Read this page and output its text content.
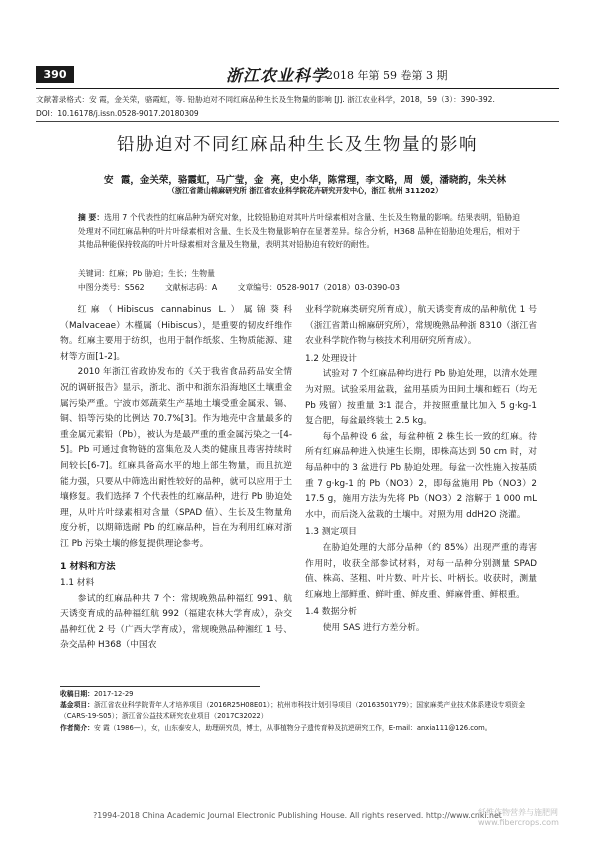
390	浙江农业科学
2018 年第 59 卷第 3 期
文献著录格式：安 霞，金关荣，骆霞虹，等. 铅胁迫对不同红麻品种生长及生物量的影响 [J]. 浙江农业科学，2018，59（3）：390-392.
DOI：10.16178/j.issn.0528-9017.20180309
铅胁迫对不同红麻品种生长及生物量的影响
安 霞，金关荣，骆霞虹，马广莹，金 亮，史小华，陈常理，李文略，周 媛，潘晓韵，朱关林
（浙江省萧山棉麻研究所 浙江省农业科学院花卉研究开发中心，浙江 杭州 311202）
摘 要：选用 7 个代表性的红麻品种为研究对象，比较铅胁迫对其叶片叶绿素相对含量、生长及生物量的影响。结果表明，铅胁迫处理对不同红麻品种的叶片叶绿素相对含量、生长及生物量影响存在显著差异。综合分析，H368 品种在铅胁迫处理后，相对于其他品种能保持较高的叶片叶绿素相对含量及生物量，表明其对铅胁迫有较好的耐性。
关键词：红麻；Pb 胁迫；生长；生物量
中图分类号：S562	文献标志码：A	文章编号：0528-9017（2018）03-0390-03

红麻（Hibiscus cannabinus L.）属锦葵科（Malvaceae）木槿属（Hibiscus），是重要的韧皮纤维作物。红麻主要用于纺织，也用于制作纸浆、生物质能源、建材等方面[1-2]。

2010 年浙江省政协发布的《关于我省食品药品安全情况的调研报告》显示，浙北、浙中和浙东沿海地区土壤重金属污染严重。宁波市郊蔬菜生产基地土壤受重金属汞、镉、铜、铅等污染的比例达 70.7%[3]。作为地壳中含量最多的重金属元素铅（Pb），被认为是最严重的重金属污染之一[4-5]。Pb 可通过食物链的富集危及人类的健康且毒害持续时间较长[6-7]。红麻具备高水平的地上部生物量，而且抗逆能力强，只要从中筛选出耐性较好的品种，就可以应用于土壤修复。我们选择 7 个代表性的红麻品种，进行 Pb 胁迫处理，从叶片叶绿素相对含量（SPAD 值）、生长及生物量角度分析，以期筛选耐 Pb 的红麻品种，旨在为利用红麻对浙江 Pb 污染土壤的修复提供理论参考。

1 材料和方法

1.1 材料

参试的红麻品种共 7 个：常规晚熟品种福红 991、航天诱变育成的品种福红航 992（福建农林大学育成），杂交晶种红优 2 号（广西大学育成），常规晚熟品种湘红 1 号、杂交品种 H368（中国农

业科学院麻类研究所育成），航天诱变育成的品种航优 1 号（浙江省萧山棉麻研究所），常规晚熟品种浙 8310（浙江省农业科学院作物与核技术利用研究所育成）。

1.2 处理设计

试验对 7 个红麻品种均进行 Pb 胁迫处理，以清水处理为对照。试验采用盆栽，盆用基质为田间土壤和蛭石（均无 Pb 残留）按重量 3∶1 混合，并按照重量比加入 5 g·kg-1 复合肥，每盆最终装土 2.5 kg。

每个品种设 6 盆，每盆种植 2 株生长一致的红麻。待所有红麻品种进入快速生长期，即株高达到 50 cm 时，对每品种中的 3 盆进行 Pb 胁迫处理。每盆一次性施入按基质重 7 g·kg-1 的 Pb（NO3）2，即每盆施用 Pb（NO3）2 17.5 g，施用方法为先将 Pb（NO3）2 溶解于 1 000 mL 水中，而后浇入盆栽的土壤中。对照为用 ddH2O 浇灌。

1.3 测定项目

在胁迫处理的大部分品种（约 85%）出现严重的毒害作用时，收获全部参试材料，对每一品种分别测量 SPAD 值、株高、茎粗、叶片数、叶片长、叶柄长。收获时，测量红麻地上部鲜重、鲜叶重、鲜皮重、鲜麻骨重、鲜根重。

1.4 数据分析

使用 SAS 进行方差分析。

收稿日期：2017-12-29
基金项目：浙江省农业科学院青年人才培养项目（2016R25H08E01）；杭州市科技计划引导项目（20163501Y79）；国家麻类产业技术体系建设专项资金（CARS-19-S05）；浙江省公益技术研究农业项目（2017C32022）
作者简介：安 霞（1986—），女，山东泰安人，助理研究员，博士，从事植物分子遗传育种及抗逆研究工作，E-mail：anxia111@126.com。
?1994-2018 China Academic Journal Electronic Publishing House. All rights reserved. http://www.cnki.net
纤维作物营养与施肥网 www.fibercrops.com
